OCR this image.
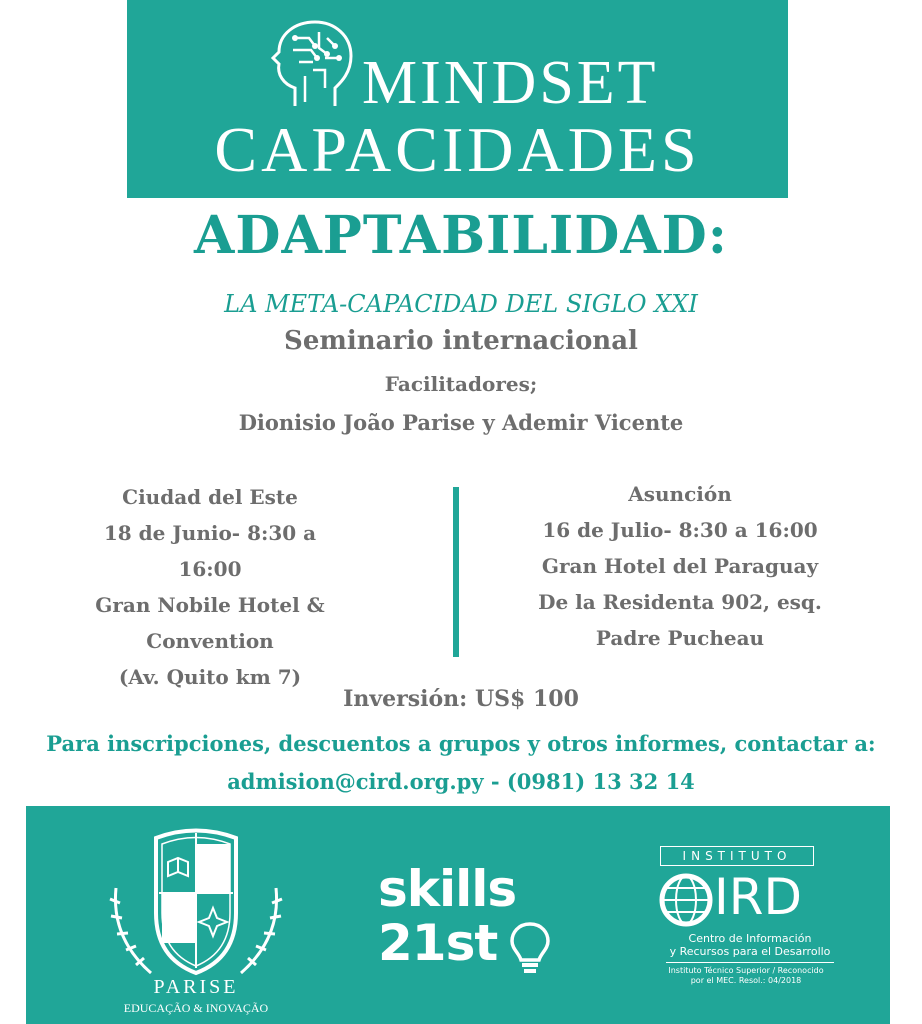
MINDSET
CAPACIDADES
ADAPTABILIDAD:
LA META-CAPACIDAD DEL SIGLO XXI
Seminario internacional
Facilitadores;
Dionisio João Parise y Ademir Vicente
Ciudad del Este
18 de Junio- 8:30 a
16:00
Gran Nobile Hotel &
Convention
(Av. Quito km 7)
Asunción
16 de Julio- 8:30 a 16:00
Gran Hotel del Paraguay
De la Residenta 902, esq.
Padre Pucheau
Inversión: US$ 100
Para inscripciones, descuentos a grupos y otros informes, contactar a:
admision@cird.org.py - (0981) 13 32 14
PARISE
EDUCAÇÃO & INOVAÇÃO
skills
21st
INSTITUTO
IRD
Centro de Información
y Recursos para el Desarrollo
Instituto Técnico Superior / Reconocido
por el MEC. Resol.: 04/2018
